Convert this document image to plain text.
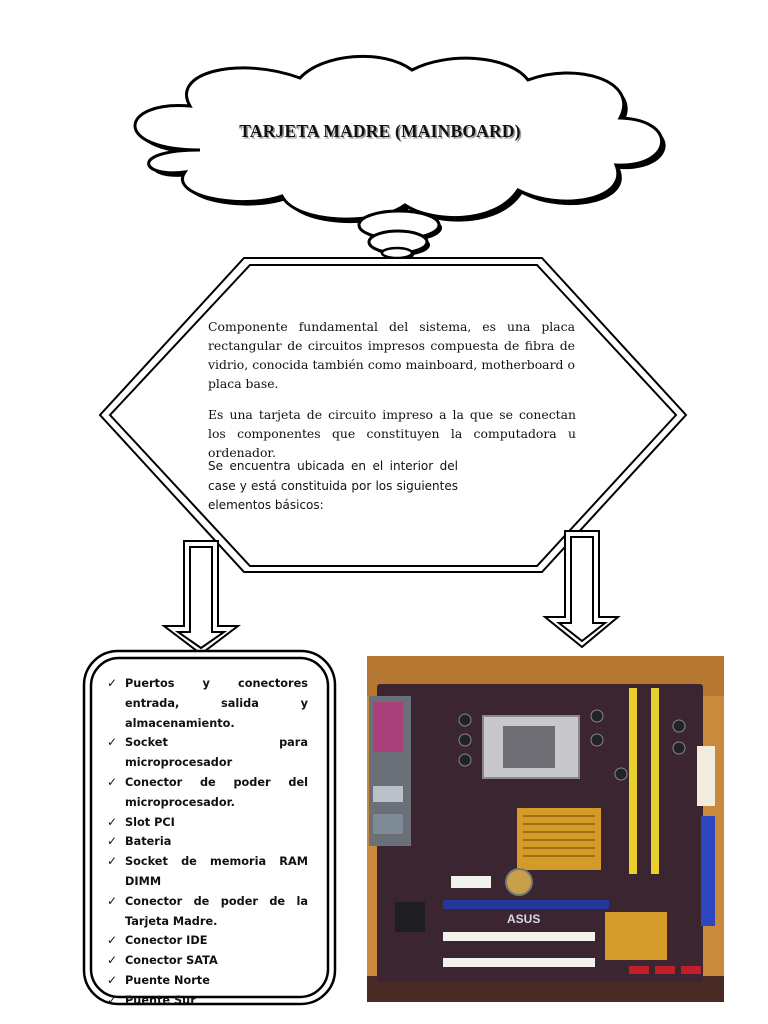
TARJETA MADRE (MAINBOARD)

Componente fundamental del sistema, es una placa rectangular de circuitos impresos compuesta de fibra de vidrio, conocida también como mainboard, motherboard o placa base.

Es una tarjeta de circuito impreso a la que se conectan los componentes que constituyen la computadora u ordenador.

Se encuentra ubicada en el interior del case y está constituida por los siguientes elementos básicos:

✓ Puertos y conectores entrada, salida y almacenamiento.
✓ Socket para microprocesador
✓ Conector de poder del microprocesador.
✓ Slot PCI
✓ Bateria
✓ Socket de memoria RAM DIMM
✓ Conector de poder de la Tarjeta Madre.
✓ Conector IDE
✓ Conector SATA
✓ Puente Norte
✓ Puente Sur
ASUS
